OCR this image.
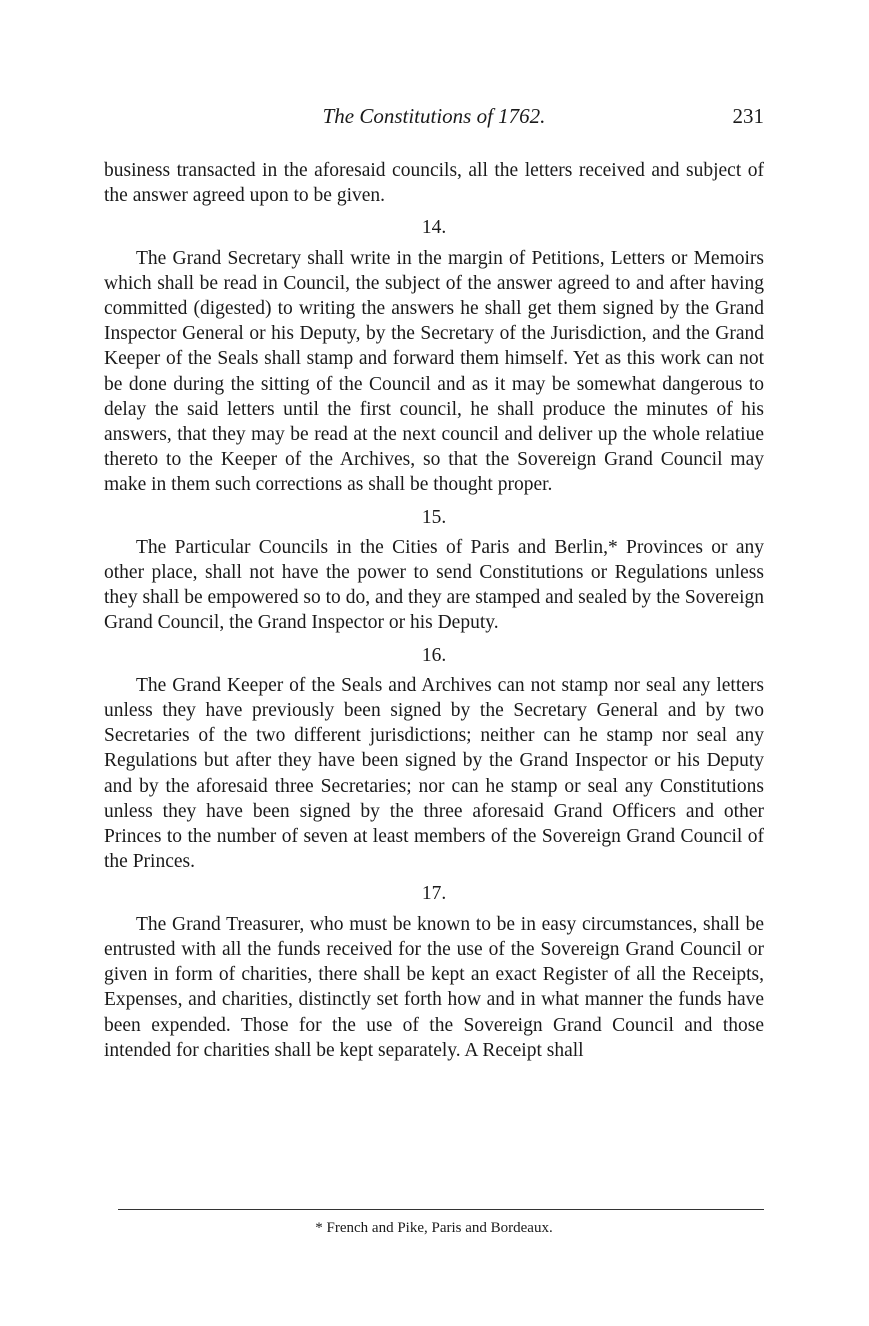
The Constitutions of 1762.	231

business transacted in the aforesaid councils, all the letters received and subject of the answer agreed upon to be given.

14.

The Grand Secretary shall write in the margin of Petitions, Letters or Memoirs which shall be read in Council, the subject of the answer agreed to and after having committed (digested) to writing the answers he shall get them signed by the Grand Inspector General or his Deputy, by the Secretary of the Jurisdiction, and the Grand Keeper of the Seals shall stamp and forward them himself. Yet as this work can not be done during the sitting of the Council and as it may be somewhat dangerous to delay the said letters until the first council, he shall produce the minutes of his answers, that they may be read at the next council and deliver up the whole relatiue thereto to the Keeper of the Archives, so that the Sovereign Grand Council may make in them such corrections as shall be thought proper.

15.

The Particular Councils in the Cities of Paris and Berlin,* Provinces or any other place, shall not have the power to send Constitutions or Regulations unless they shall be empowered so to do, and they are stamped and sealed by the Sovereign Grand Council, the Grand Inspector or his Deputy.

16.

The Grand Keeper of the Seals and Archives can not stamp nor seal any letters unless they have previously been signed by the Secretary General and by two Secretaries of the two different jurisdictions; neither can he stamp nor seal any Regulations but after they have been signed by the Grand Inspector or his Deputy and by the aforesaid three Secretaries; nor can he stamp or seal any Constitutions unless they have been signed by the three aforesaid Grand Officers and other Princes to the number of seven at least members of the Sovereign Grand Council of the Princes.

17.

The Grand Treasurer, who must be known to be in easy circumstances, shall be entrusted with all the funds received for the use of the Sovereign Grand Council or given in form of charities, there shall be kept an exact Register of all the Receipts, Expenses, and charities, distinctly set forth how and in what manner the funds have been expended. Those for the use of the Sovereign Grand Council and those intended for charities shall be kept separately. A Receipt shall

* French and Pike, Paris and Bordeaux.
